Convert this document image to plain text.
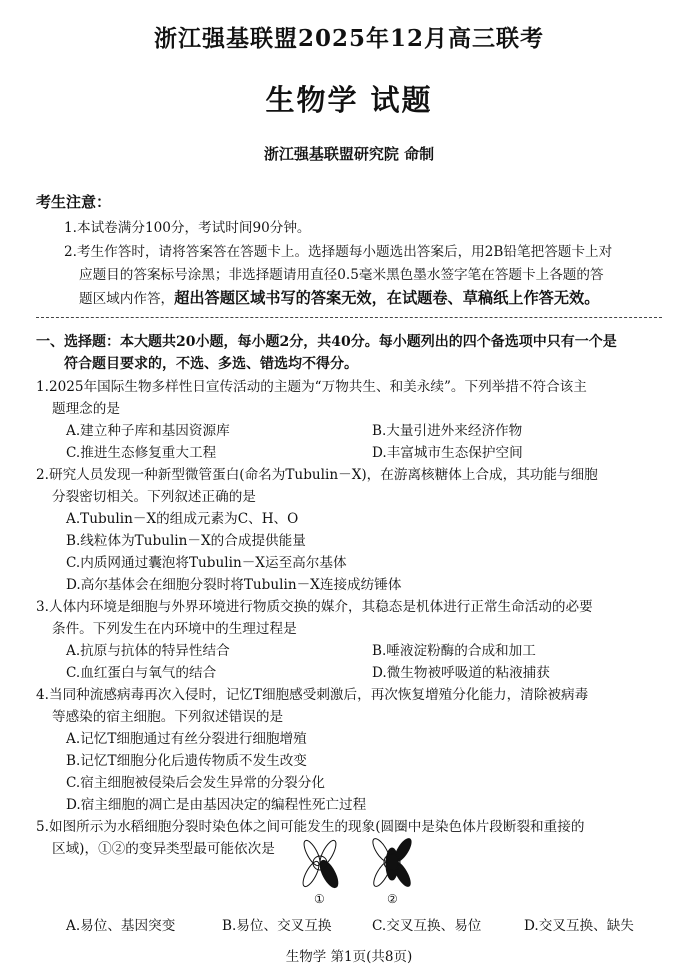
浙江强基联盟2025年12月高三联考
生物学 试题
浙江强基联盟研究院 命制
考生注意：
1.本试卷满分100分，考试时间90分钟。
2.考生作答时，请将答案答在答题卡上。选择题每小题选出答案后，用2B铅笔把答题卡上对
应题目的答案标号涂黑；非选择题请用直径0.5毫米黑色墨水签字笔在答题卡上各题的答
题区域内作答，超出答题区域书写的答案无效，在试题卷、草稿纸上作答无效。
一、选择题：本大题共20小题，每小题2分，共40分。每小题列出的四个备选项中只有一个是
符合题目要求的，不选、多选、错选均不得分。
1.2025年国际生物多样性日宣传活动的主题为“万物共生、和美永续”。下列举措不符合该主
题理念的是
A.建立种子库和基因资源库	B.大量引进外来经济作物
C.推进生态修复重大工程	D.丰富城市生态保护空间
2.研究人员发现一种新型微管蛋白(命名为Tubulin－X)，在游离核糖体上合成，其功能与细胞
分裂密切相关。下列叙述正确的是
A.Tubulin－X的组成元素为C、H、O
B.线粒体为Tubulin－X的合成提供能量
C.内质网通过囊泡将Tubulin－X运至高尔基体
D.高尔基体会在细胞分裂时将Tubulin－X连接成纺锤体
3.人体内环境是细胞与外界环境进行物质交换的媒介，其稳态是机体进行正常生命活动的必要
条件。下列发生在内环境中的生理过程是
A.抗原与抗体的特异性结合	B.唾液淀粉酶的合成和加工
C.血红蛋白与氧气的结合	D.微生物被呼吸道的粘液捕获
4.当同种流感病毒再次入侵时，记忆T细胞感受刺激后，再次恢复增殖分化能力，清除被病毒
等感染的宿主细胞。下列叙述错误的是
A.记忆T细胞通过有丝分裂进行细胞增殖
B.记忆T细胞分化后遗传物质不发生改变
C.宿主细胞被侵染后会发生异常的分裂分化
D.宿主细胞的凋亡是由基因决定的编程性死亡过程
5.如图所示为水稻细胞分裂时染色体之间可能发生的现象(圆圈中是染色体片段断裂和重接的
区域)，①②的变异类型最可能依次是
①	②
A.易位、基因突变	B.易位、交叉互换	C.交叉互换、易位	D.交叉互换、缺失
生物学 第1页(共8页)
